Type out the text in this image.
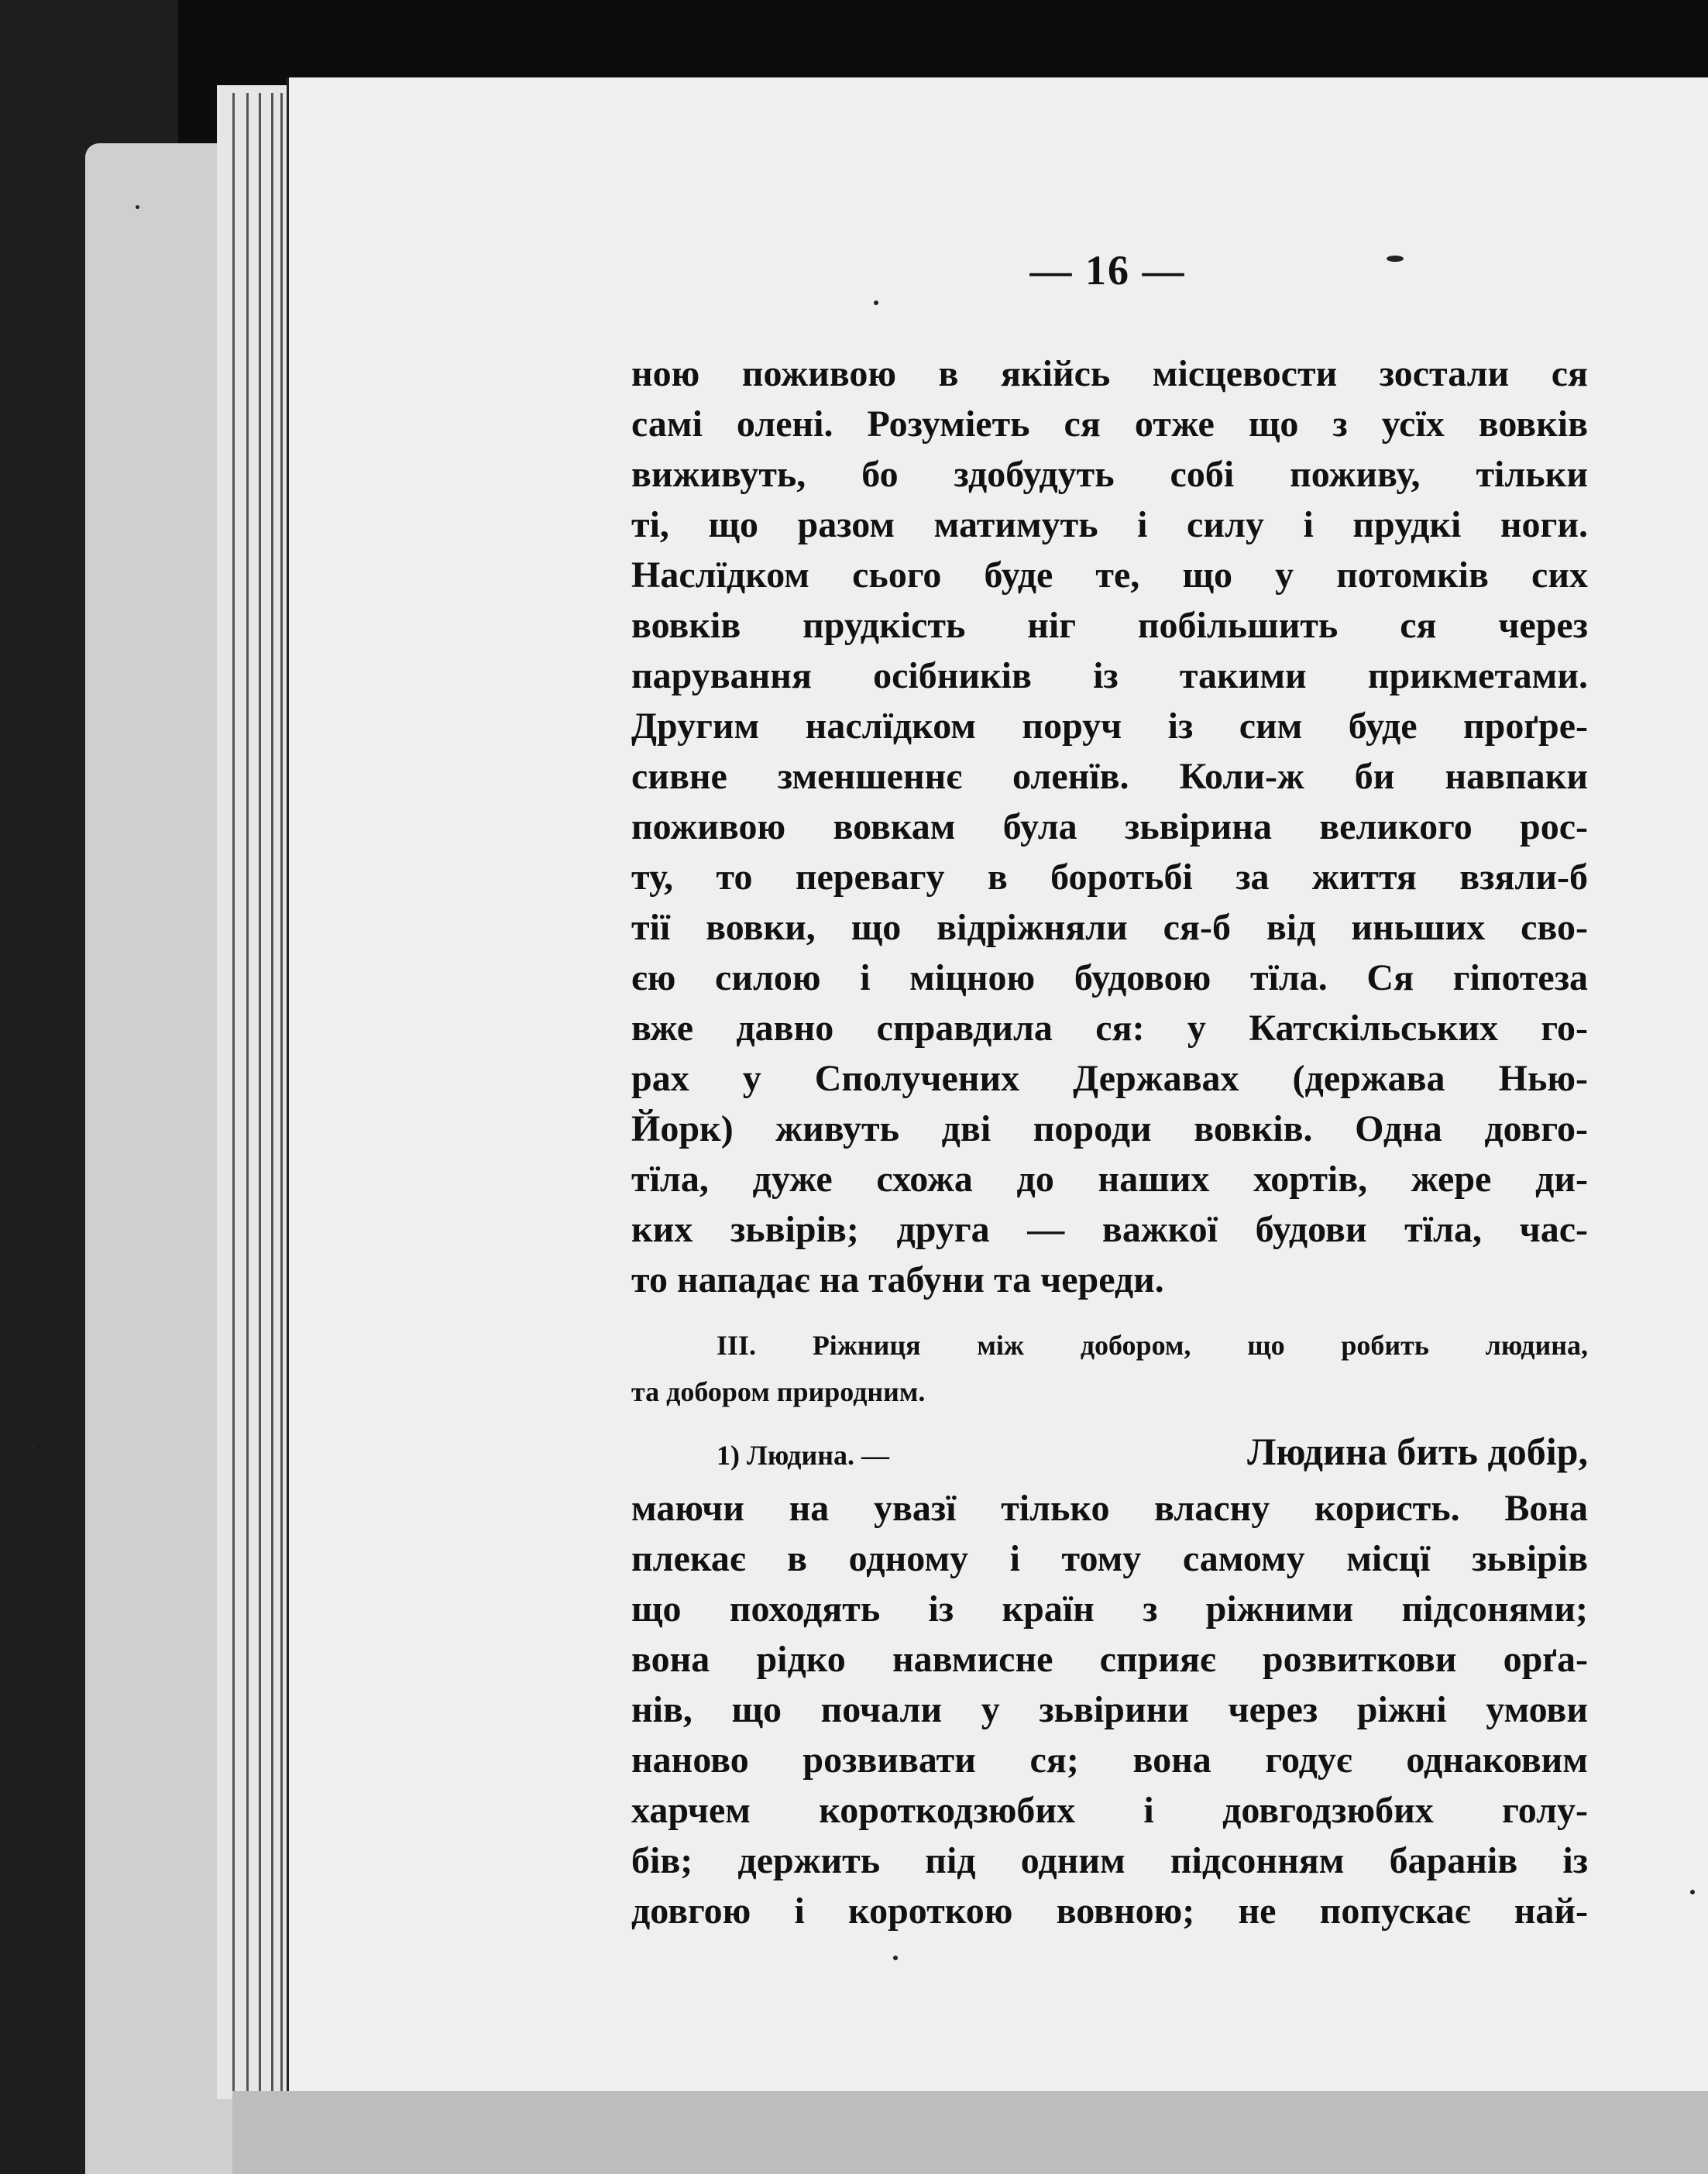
— 16 —
ною поживою в якійсь місцевости зостали ся
самі олені. Розуміеть ся отже що з усїх вовків
виживуть, бо здобудуть собі поживу, тільки
ті, що разом матимуть і силу і прудкі ноги.
Наслїдком сього буде те, що у потомків сих
вовків прудкість ніг побільшить ся через
парування осібників із такими прикметами.
Другим наслїдком поруч із сим буде проґре-
сивне зменшеннє оленїв. Коли-ж би навпаки
поживою вовкам була зьвірина великого рос-
ту, то перевагу в боротьбі за життя взяли-б
тії вовки, що відріжняли ся-б від иньших сво-
єю силою і міцною будовою тїла. Ся гіпотеза
вже давно справдила ся: у Катскільських го-
рах у Сполучених Державах (держава Нью-
Йорк) живуть дві породи вовків. Одна довго-
тїла, дуже схожа до наших хортів, жере ди-
ких зьвірів; друга — важкої будови тїла, час-
то нападає на табуни та череди.
III. Ріжниця між добором, що робить людина,
та добором природним.
1) Людина. —	Людина бить добір,
маючи на увазї тілько власну користь. Вона
плекає в одному і тому самому місцї зьвірів
що походять із країн з ріжними підсонями;
вона рідко навмисне сприяє розвиткови орґа-
нів, що почали у зьвірини через ріжні умови
наново розвивати ся; вона годує однаковим
харчем короткодзюбих і довгодзюбих голу-
бів; держить під одним підсонням баранів із
довгою і короткою вовною; не попускає най-
